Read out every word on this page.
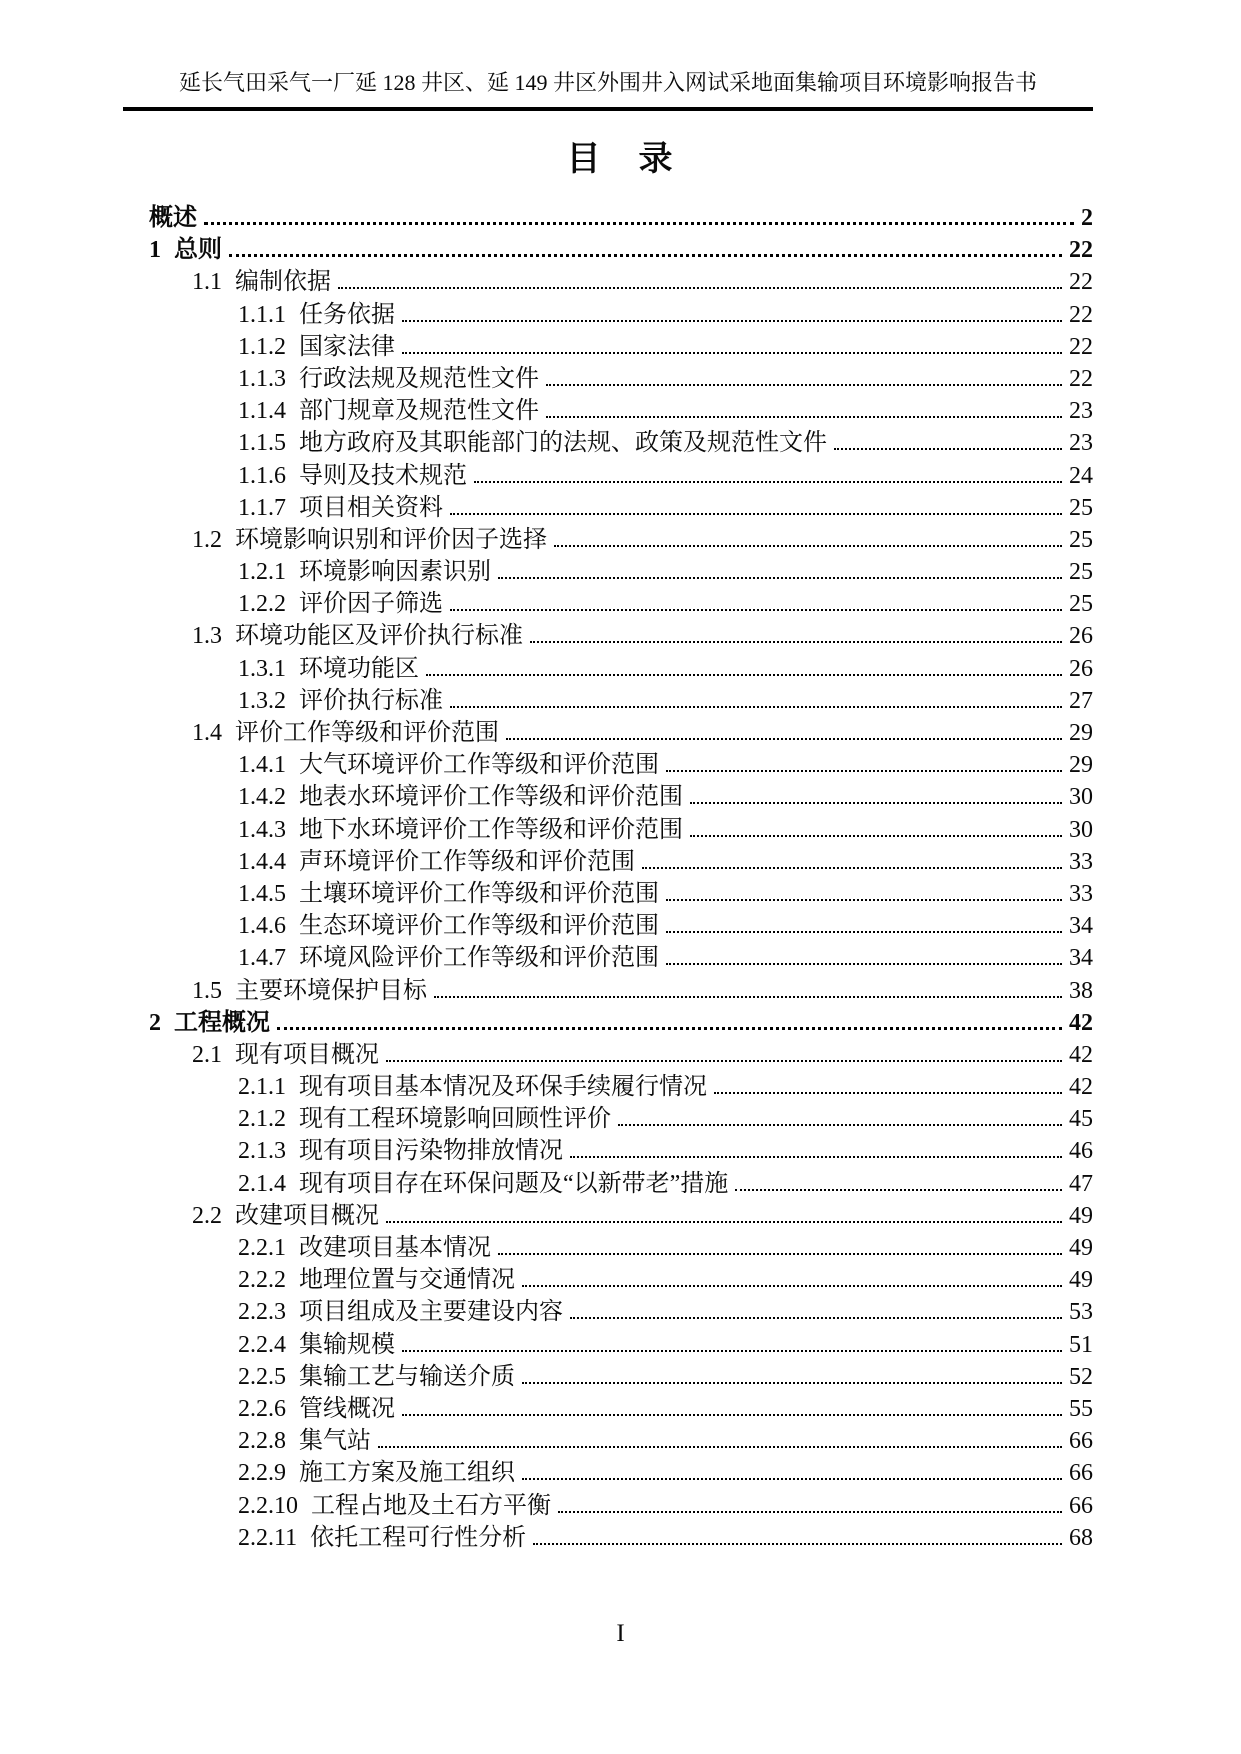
延长气田采气一厂延 128 井区、延 149 井区外围井入网试采地面集输项目环境影响报告书
目　录
概述	2
1 总则	22
1.1 编制依据	22
1.1.1 任务依据	22
1.1.2 国家法律	22
1.1.3 行政法规及规范性文件	22
1.1.4 部门规章及规范性文件	23
1.1.5 地方政府及其职能部门的法规、政策及规范性文件	23
1.1.6 导则及技术规范	24
1.1.7 项目相关资料	25
1.2 环境影响识别和评价因子选择	25
1.2.1 环境影响因素识别	25
1.2.2 评价因子筛选	25
1.3 环境功能区及评价执行标准	26
1.3.1 环境功能区	26
1.3.2 评价执行标准	27
1.4 评价工作等级和评价范围	29
1.4.1 大气环境评价工作等级和评价范围	29
1.4.2 地表水环境评价工作等级和评价范围	30
1.4.3 地下水环境评价工作等级和评价范围	30
1.4.4 声环境评价工作等级和评价范围	33
1.4.5 土壤环境评价工作等级和评价范围	33
1.4.6 生态环境评价工作等级和评价范围	34
1.4.7 环境风险评价工作等级和评价范围	34
1.5 主要环境保护目标	38
2 工程概况	42
2.1 现有项目概况	42
2.1.1 现有项目基本情况及环保手续履行情况	42
2.1.2 现有工程环境影响回顾性评价	45
2.1.3 现有项目污染物排放情况	46
2.1.4 现有项目存在环保问题及“以新带老”措施	47
2.2 改建项目概况	49
2.2.1 改建项目基本情况	49
2.2.2 地理位置与交通情况	49
2.2.3 项目组成及主要建设内容	53
2.2.4 集输规模	51
2.2.5 集输工艺与输送介质	52
2.2.6 管线概况	55
2.2.8 集气站	66
2.2.9 施工方案及施工组织	66
2.2.10 工程占地及土石方平衡	66
2.2.11 依托工程可行性分析	68
I
